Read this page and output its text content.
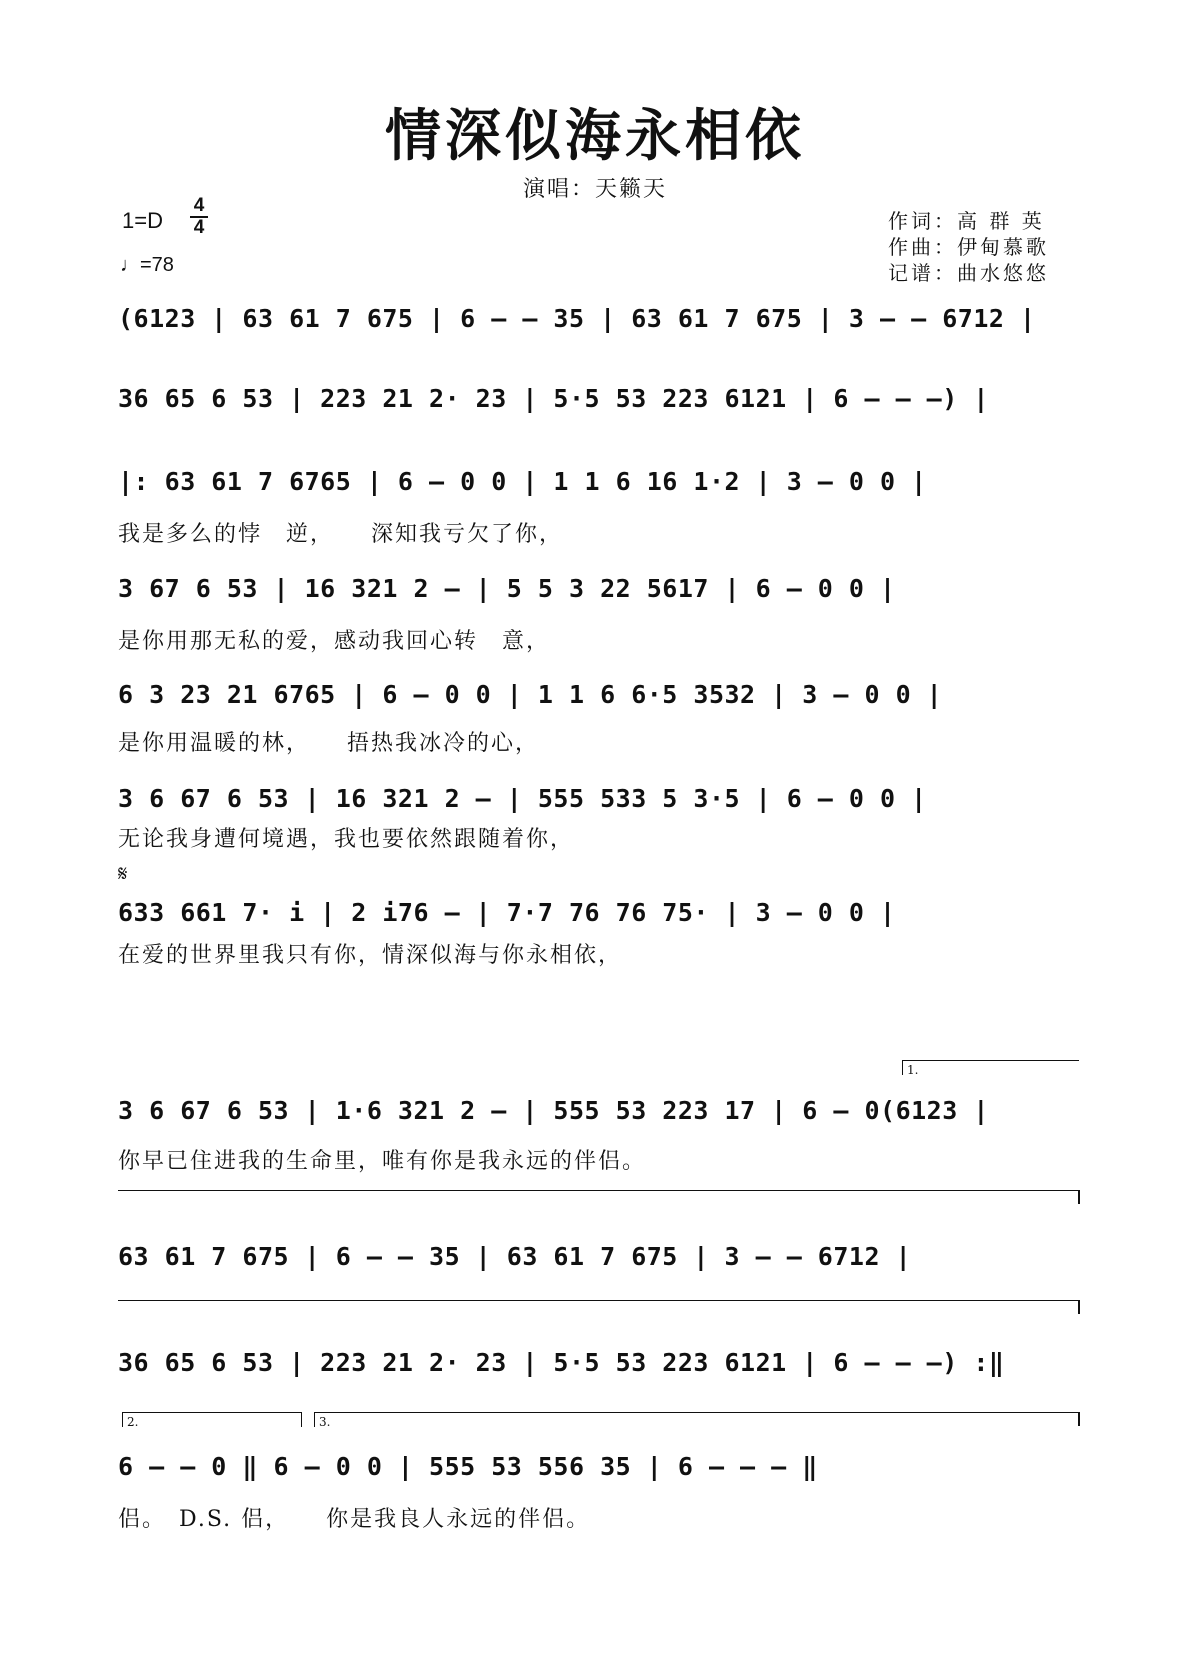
情深似海永相依
演唱：天籁天
1=D
4
4
♩=78
作词：高 群 英
作曲：伊甸慕歌
记谱：曲水悠悠
(6123 | 63 61 7 675 | 6 – – 35 | 63 61 7 675 | 3 – – 6712 |
36 65 6 53 | 223 21 2· 23 | 5·5 53 223 6121 | 6 – – –) |
|: 63 61 7 6765 | 6 – 0 0 | 1 1 6 16 1·2 | 3 – 0 0 |
我是多么的悖　逆，　　深知我亏欠了你，
3 67 6 53 | 16 321 2 – | 5 5 3 22 5617 | 6 – 0 0 |
是你用那无私的爱，感动我回心转　意，
6 3 23 21 6765 | 6 – 0 0 | 1 1 6 6·5 3532 | 3 – 0 0 |
是你用温暖的林，　　捂热我冰冷的心，
3 6 67 6 53 | 16 321 2 – | 555 533 5 3·5 | 6 – 0 0 |
无论我身遭何境遇，我也要依然跟随着你，
𝄋
633 661 7· i | 2 i76 – | 7·7 76 76 75· | 3 – 0 0 |
在爱的世界里我只有你，情深似海与你永相依，
1.
3 6 67 6 53 | 1·6 321 2 – | 555 53 223 17 | 6 – 0(6123 |
你早已住进我的生命里，唯有你是我永远的伴侣。
63 61 7 675 | 6 – – 35 | 63 61 7 675 | 3 – – 6712 |
36 65 6 53 | 223 21 2· 23 | 5·5 53 223 6121 | 6 – – –) :‖
2.	3.
6 – – 0 ‖ 6 – 0 0 | 555 53 556 35 | 6 – – – ‖
侣。　D.S. 侣，　　你是我良人永远的伴侣。
